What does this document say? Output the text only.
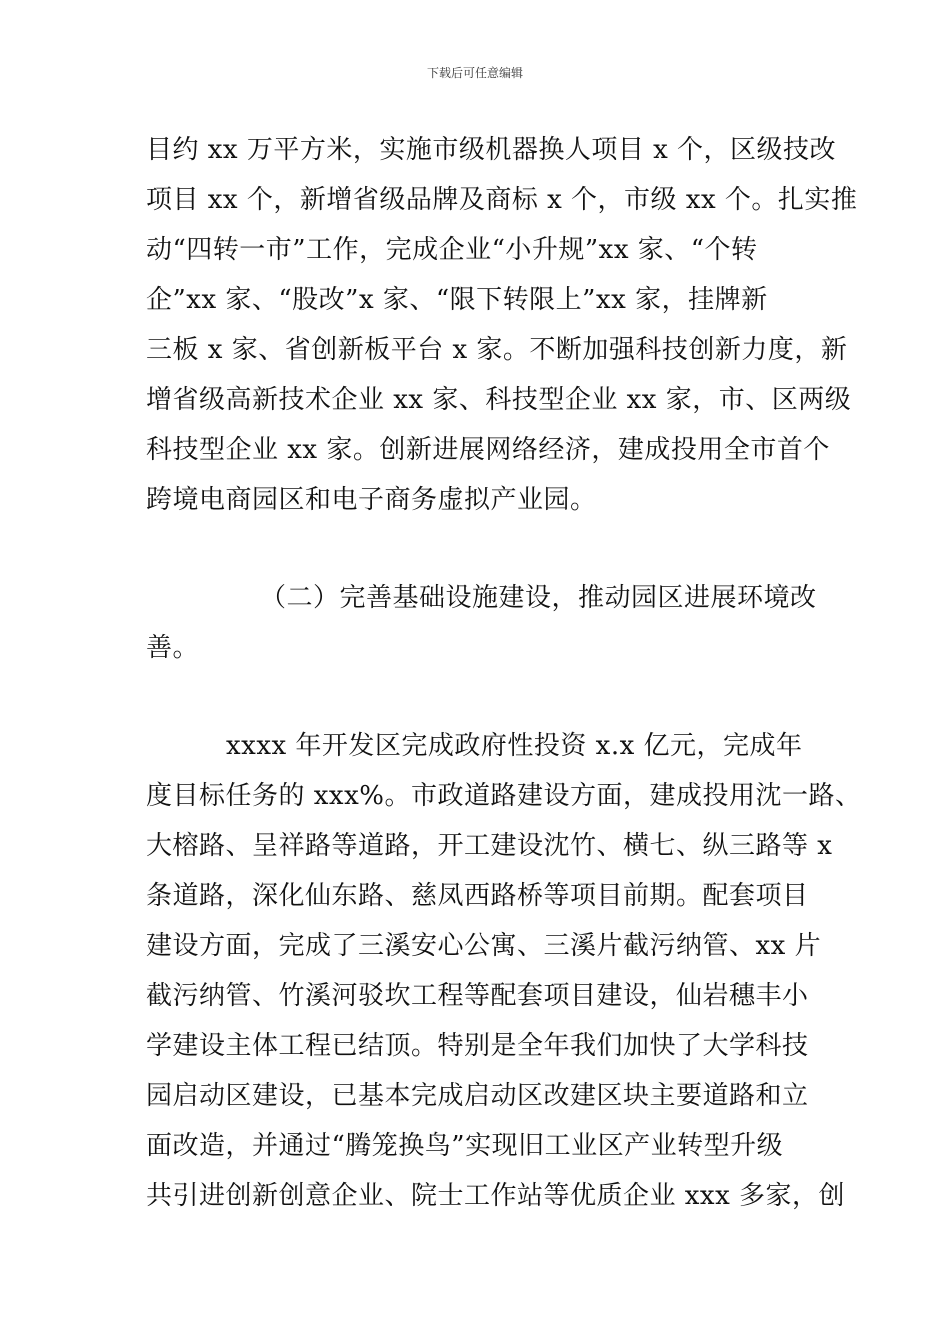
下载后可任意编辑
目约 xx 万平方米，实施市级机器换人项目 x 个，区级技改
项目 xx 个，新增省级品牌及商标 x 个，市级 xx 个。扎实推
动“四转一市”工作，完成企业“小升规”xx 家、“个转
企”xx 家、“股改”x 家、“限下转限上”xx 家，挂牌新
三板 x 家、省创新板平台 x 家。不断加强科技创新力度，新
增省级高新技术企业 xx 家、科技型企业 xx 家，市、区两级
科技型企业 xx 家。创新进展网络经济，建成投用全市首个
跨境电商园区和电子商务虚拟产业园。
（二）完善基础设施建设，推动园区进展环境改
善。
xxxx 年开发区完成政府性投资 x.x 亿元，完成年
度目标任务的 xxx%。市政道路建设方面，建成投用沈一路、
大榕路、呈祥路等道路，开工建设沈竹、横七、纵三路等 x
条道路，深化仙东路、慈凤西路桥等项目前期。配套项目
建设方面，完成了三溪安心公寓、三溪片截污纳管、xx 片
截污纳管、竹溪河驳坎工程等配套项目建设，仙岩穗丰小
学建设主体工程已结顶。特别是全年我们加快了大学科技
园启动区建设，已基本完成启动区改建区块主要道路和立
面改造，并通过“腾笼换鸟”实现旧工业区产业转型升级
共引进创新创意企业、院士工作站等优质企业 xxx 多家，创
